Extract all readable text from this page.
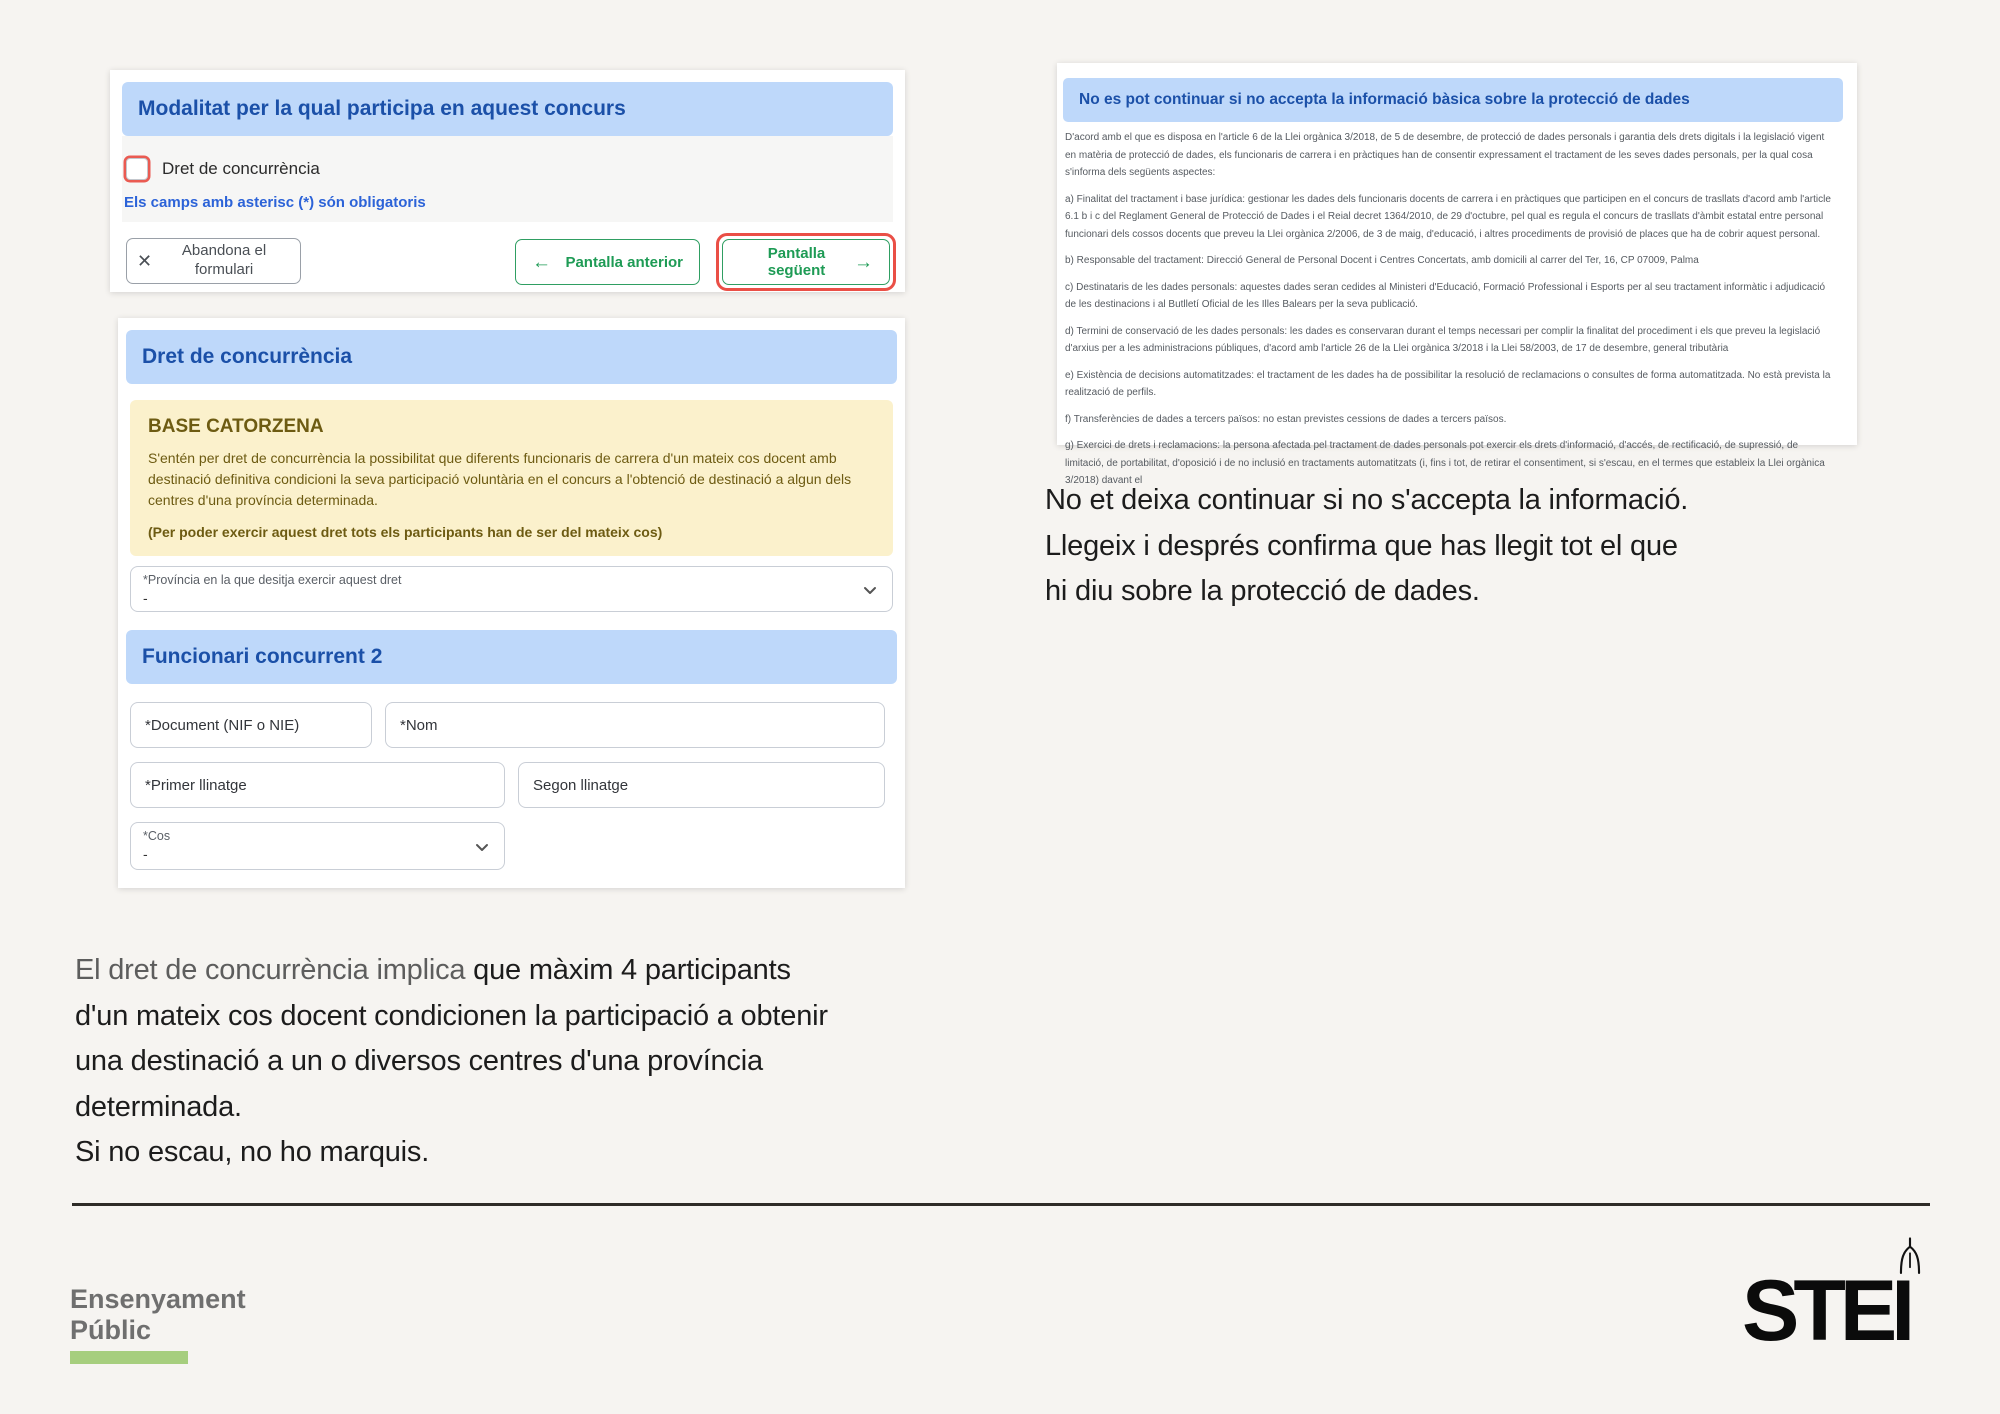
Modalitat per la qual participa en aquest concurs
Dret de concurrència
Els camps amb asterisc (*) són obligatoris
✕
Abandona el formulari	← Pantalla anterior	Pantalla següent	→
Dret de concurrència
BASE CATORZENA
S'entén per dret de concurrència la possibilitat que diferents funcionaris de carrera d'un mateix cos docent amb destinació definitiva condicioni la seva participació voluntària en el concurs a l'obtenció de destinació a algun dels centres d'una província determinada.
(Per poder exercir aquest dret tots els participants han de ser del mateix cos)
*Província en la que desitja exercir aquest dret
-
Funcionari concurrent 2
*Document (NIF o NIE)	*Nom
*Primer llinatge	Segon llinatge
*Cos
-
No es pot continuar si no accepta la informació bàsica sobre la protecció de dades

D'acord amb el que es disposa en l'article 6 de la Llei orgànica 3/2018, de 5 de desembre, de protecció de dades personals i garantia dels drets digitals i la legislació vigent en matèria de protecció de dades, els funcionaris de carrera i en pràctiques han de consentir expressament el tractament de les seves dades personals, per la qual cosa s'informa dels següents aspectes:

a) Finalitat del tractament i base jurídica: gestionar les dades dels funcionaris docents de carrera i en pràctiques que participen en el concurs de trasllats d'acord amb l'article 6.1 b i c del Reglament General de Protecció de Dades i el Reial decret 1364/2010, de 29 d'octubre, pel qual es regula el concurs de trasllats d'àmbit estatal entre personal funcionari dels cossos docents que preveu la Llei orgànica 2/2006, de 3 de maig, d'educació, i altres procediments de provisió de places que ha de cobrir aquest personal.

b) Responsable del tractament: Direcció General de Personal Docent i Centres Concertats, amb domicili al carrer del Ter, 16, CP 07009, Palma

c) Destinataris de les dades personals: aquestes dades seran cedides al Ministeri d'Educació, Formació Professional i Esports per al seu tractament informàtic i adjudicació de les destinacions i al Butlletí Oficial de les Illes Balears per la seva publicació.

d) Termini de conservació de les dades personals: les dades es conservaran durant el temps necessari per complir la finalitat del procediment i els que preveu la legislació d'arxius per a les administracions públiques, d'acord amb l'article 26 de la Llei orgànica 3/2018 i la Llei 58/2003, de 17 de desembre, general tributària

e) Existència de decisions automatitzades: el tractament de les dades ha de possibilitar la resolució de reclamacions o consultes de forma automatitzada. No està prevista la realització de perfils.

f) Transferències de dades a tercers països: no estan previstes cessions de dades a tercers països.

g) Exercici de drets i reclamacions: la persona afectada pel tractament de dades personals pot exercir els drets d'informació, d'accés, de rectificació, de supressió, de limitació, de portabilitat, d'oposició i de no inclusió en tractaments automatitzats (i, fins i tot, de retirar el consentiment, si s'escau, en el termes que estableix la Llei orgànica 3/2018) davant el

No et deixa continuar si no s'accepta la informació.
Llegeix i després confirma que has llegit tot el que
hi diu sobre la protecció de dades.
El dret de concurrència implica que màxim 4 participants
d'un mateix cos docent condicionen la participació a obtenir
una destinació a un o diversos centres d'una província
determinada.
Si no escau, no ho marquis.
Ensenyament
Públic	STEI
